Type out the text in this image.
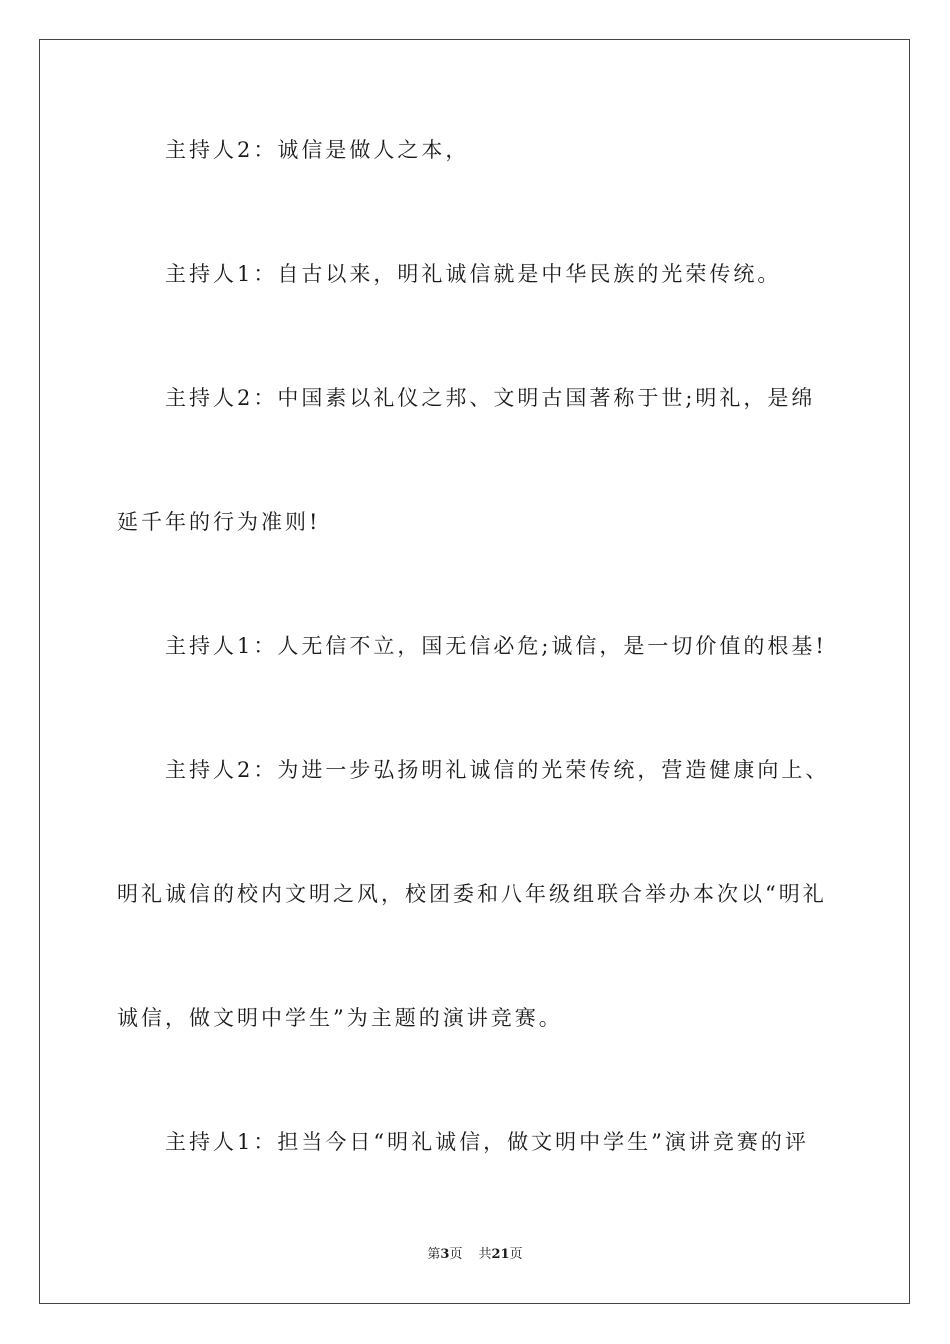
主持人2：诚信是做人之本，
主持人1：自古以来，明礼诚信就是中华民族的光荣传统。
主持人2：中国素以礼仪之邦、文明古国著称于世;明礼，是绵
延千年的行为准则!
主持人1：人无信不立，国无信必危;诚信，是一切价值的根基!
主持人2：为进一步弘扬明礼诚信的光荣传统，营造健康向上、
明礼诚信的校内文明之风，校团委和八年级组联合举办本次以“明礼
诚信，做文明中学生”为主题的演讲竞赛。
主持人1：担当今日“明礼诚信，做文明中学生”演讲竞赛的评
第3页 共21页
